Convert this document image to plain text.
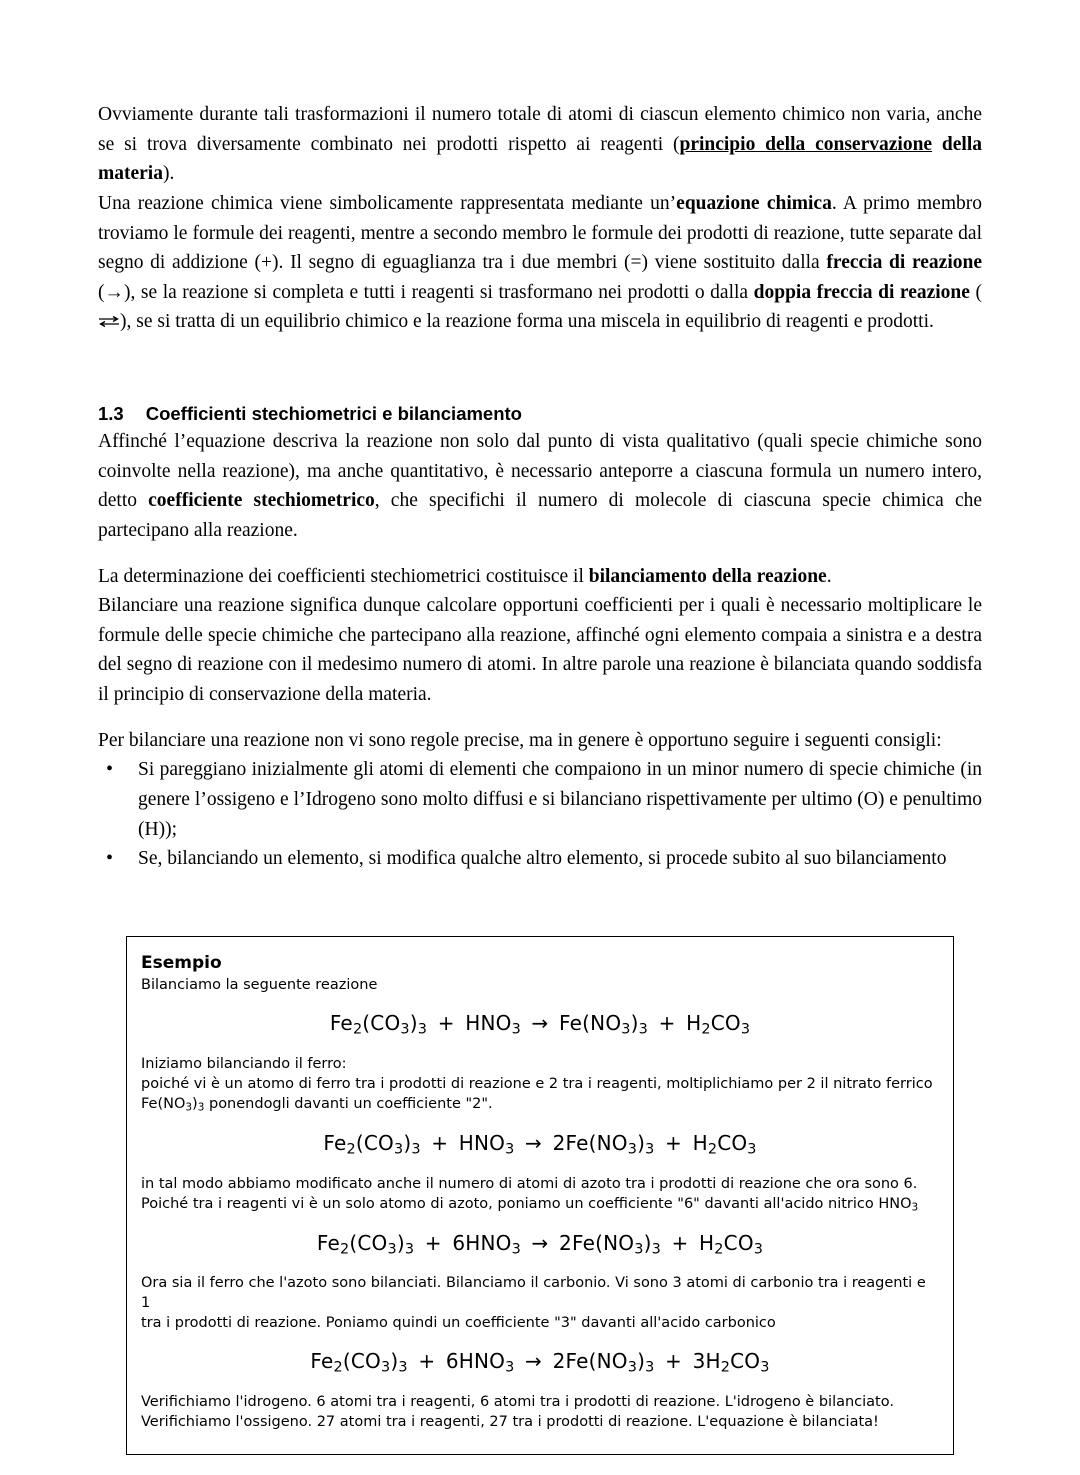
Ovviamente durante tali trasformazioni il numero totale di atomi di ciascun elemento chimico non varia, anche se si trova diversamente combinato nei prodotti rispetto ai reagenti (principio della conservazione della materia).

Una reazione chimica viene simbolicamente rappresentata mediante un’equazione chimica. A primo membro troviamo le formule dei reagenti, mentre a secondo membro le formule dei prodotti di reazione, tutte separate dal segno di addizione (+). Il segno di eguaglianza tra i due membri (=) viene sostituito dalla freccia di reazione (→), se la reazione si completa e tutti i reagenti si trasformano nei prodotti o dalla doppia freccia di reazione (
), se si tratta di un equilibrio chimico e la reazione forma una miscela in equilibrio di reagenti e prodotti.

1.3 Coefficienti stechiometrici e bilanciamento

Affinché l’equazione descriva la reazione non solo dal punto di vista qualitativo (quali specie chimiche sono coinvolte nella reazione), ma anche quantitativo, è necessario anteporre a ciascuna formula un numero intero, detto coefficiente stechiometrico, che specifichi il numero di molecole di ciascuna specie chimica che partecipano alla reazione.

La determinazione dei coefficienti stechiometrici costituisce il bilanciamento della reazione.

Bilanciare una reazione significa dunque calcolare opportuni coefficienti per i quali è necessario moltiplicare le formule delle specie chimiche che partecipano alla reazione, affinché ogni elemento compaia a sinistra e a destra del segno di reazione con il medesimo numero di atomi. In altre parole una reazione è bilanciata quando soddisfa il principio di conservazione della materia.

Per bilanciare una reazione non vi sono regole precise, ma in genere è opportuno seguire i seguenti consigli:

• Si pareggiano inizialmente gli atomi di elementi che compaiono in un minor numero di specie chimiche (in genere l’ossigeno e l’Idrogeno sono molto diffusi e si bilanciano rispettivamente per ultimo (O) e penultimo (H));
• Se, bilanciando un elemento, si modifica qualche altro elemento, si procede subito al suo bilanciamento
Esempio
Bilanciamo la seguente reazione
$Fe_2(CO_3)_3 + HNO_3 \to Fe(NO_3)_3 + H_2CO_3$

Iniziamo bilanciando il ferro:

poiché vi è un atomo di ferro tra i prodotti di reazione e 2 tra i reagenti, moltiplichiamo per 2 il nitrato ferrico

$Fe(NO_3)_3$ ponendogli davanti un coefficiente "2".

$Fe_2(CO_3)_3 + HNO_3 \to 2Fe(NO_3)_3 + H_2CO_3$

in tal modo abbiamo modificato anche il numero di atomi di azoto tra i prodotti di reazione che ora sono 6.

Poiché tra i reagenti vi è un solo atomo di azoto, poniamo un coefficiente "6" davanti all'acido nitrico $HNO_3$

$Fe_2(CO_3)_3 + 6HNO_3 \to 2Fe(NO_3)_3 + H_2CO_3$

Ora sia il ferro che l'azoto sono bilanciati. Bilanciamo il carbonio. Vi sono 3 atomi di carbonio tra i reagenti e 1

tra i prodotti di reazione. Poniamo quindi un coefficiente "3" davanti all'acido carbonico

$Fe_2(CO_3)_3 + 6HNO_3 \to 2Fe(NO_3)_3 + 3H_2CO_3$

Verifichiamo l'idrogeno. 6 atomi tra i reagenti, 6 atomi tra i prodotti di reazione. L'idrogeno è bilanciato.

Verifichiamo l'ossigeno. 27 atomi tra i reagenti, 27 tra i prodotti di reazione. L'equazione è bilanciata!
